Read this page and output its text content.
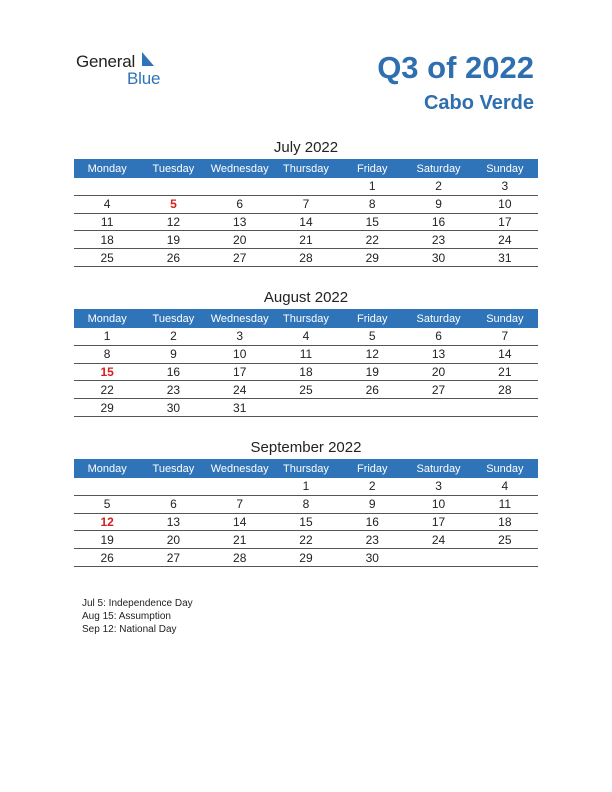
General
Blue	Q3 of 2022
Cabo Verde
July 2022
Monday	Tuesday	Wednesday	Thursday	Friday	Saturday	Sunday
				1	2	3
4	5	6	7	8	9	10
11	12	13	14	15	16	17
18	19	20	21	22	23	24
25	26	27	28	29	30	31
August 2022
Monday	Tuesday	Wednesday	Thursday	Friday	Saturday	Sunday
1	2	3	4	5	6	7
8	9	10	11	12	13	14
15	16	17	18	19	20	21
22	23	24	25	26	27	28
29	30	31				
September 2022
Monday	Tuesday	Wednesday	Thursday	Friday	Saturday	Sunday
			1	2	3	4
5	6	7	8	9	10	11
12	13	14	15	16	17	18
19	20	21	22	23	24	25
26	27	28	29	30		
Jul 5: Independence Day
Aug 15: Assumption
Sep 12: National Day
